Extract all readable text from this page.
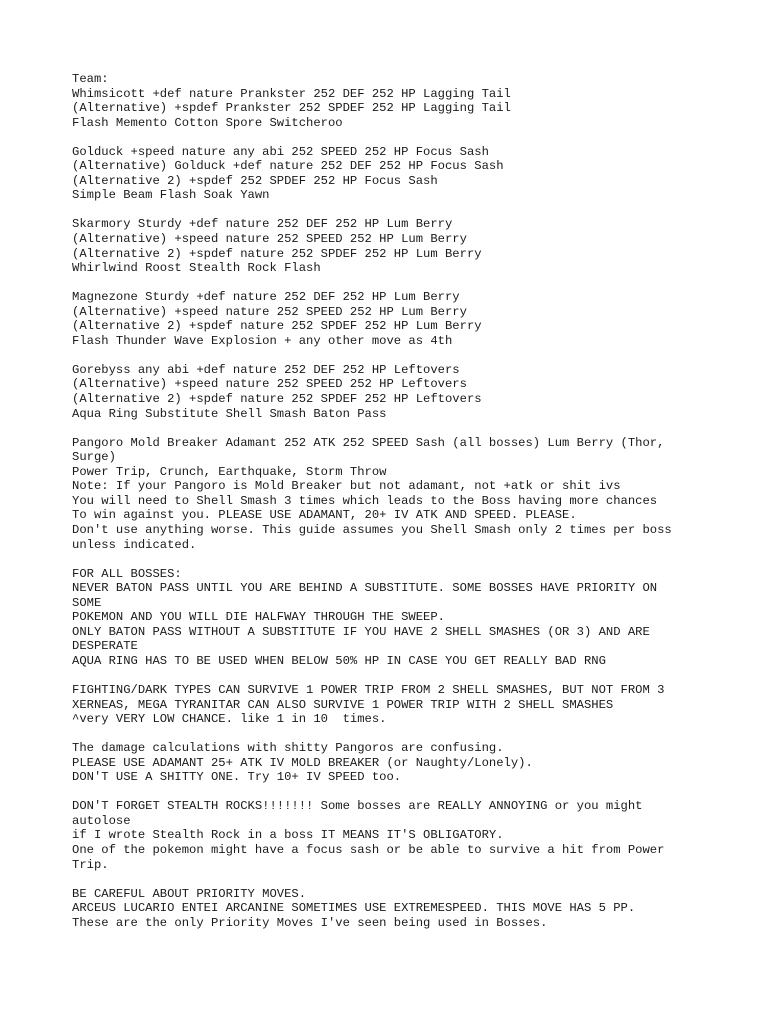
Team:
Whimsicott +def nature Prankster 252 DEF 252 HP Lagging Tail
(Alternative) +spdef Prankster 252 SPDEF 252 HP Lagging Tail
Flash Memento Cotton Spore Switcheroo
Golduck +speed nature any abi 252 SPEED 252 HP Focus Sash
(Alternative) Golduck +def nature 252 DEF 252 HP Focus Sash
(Alternative 2) +spdef 252 SPDEF 252 HP Focus Sash
Simple Beam Flash Soak Yawn
Skarmory Sturdy +def nature 252 DEF 252 HP Lum Berry
(Alternative) +speed nature 252 SPEED 252 HP Lum Berry
(Alternative 2) +spdef nature 252 SPDEF 252 HP Lum Berry
Whirlwind Roost Stealth Rock Flash
Magnezone Sturdy +def nature 252 DEF 252 HP Lum Berry
(Alternative) +speed nature 252 SPEED 252 HP Lum Berry
(Alternative 2) +spdef nature 252 SPDEF 252 HP Lum Berry
Flash Thunder Wave Explosion + any other move as 4th
Gorebyss any abi +def nature 252 DEF 252 HP Leftovers
(Alternative) +speed nature 252 SPEED 252 HP Leftovers
(Alternative 2) +spdef nature 252 SPDEF 252 HP Leftovers
Aqua Ring Substitute Shell Smash Baton Pass
Pangoro Mold Breaker Adamant 252 ATK 252 SPEED Sash (all bosses) Lum Berry (Thor,
Surge)
Power Trip, Crunch, Earthquake, Storm Throw
Note: If your Pangoro is Mold Breaker but not adamant, not +atk or shit ivs
You will need to Shell Smash 3 times which leads to the Boss having more chances
To win against you. PLEASE USE ADAMANT, 20+ IV ATK AND SPEED. PLEASE.
Don't use anything worse. This guide assumes you Shell Smash only 2 times per boss
unless indicated.
FOR ALL BOSSES:
NEVER BATON PASS UNTIL YOU ARE BEHIND A SUBSTITUTE. SOME BOSSES HAVE PRIORITY ON
SOME
POKEMON AND YOU WILL DIE HALFWAY THROUGH THE SWEEP.
ONLY BATON PASS WITHOUT A SUBSTITUTE IF YOU HAVE 2 SHELL SMASHES (OR 3) AND ARE
DESPERATE
AQUA RING HAS TO BE USED WHEN BELOW 50% HP IN CASE YOU GET REALLY BAD RNG
FIGHTING/DARK TYPES CAN SURVIVE 1 POWER TRIP FROM 2 SHELL SMASHES, BUT NOT FROM 3
XERNEAS, MEGA TYRANITAR CAN ALSO SURVIVE 1 POWER TRIP WITH 2 SHELL SMASHES
^very VERY LOW CHANCE. like 1 in 10  times.
The damage calculations with shitty Pangoros are confusing.
PLEASE USE ADAMANT 25+ ATK IV MOLD BREAKER (or Naughty/Lonely).
DON'T USE A SHITTY ONE. Try 10+ IV SPEED too.
DON'T FORGET STEALTH ROCKS!!!!!!! Some bosses are REALLY ANNOYING or you might
autolose
if I wrote Stealth Rock in a boss IT MEANS IT'S OBLIGATORY.
One of the pokemon might have a focus sash or be able to survive a hit from Power
Trip.
BE CAREFUL ABOUT PRIORITY MOVES.
ARCEUS LUCARIO ENTEI ARCANINE SOMETIMES USE EXTREMESPEED. THIS MOVE HAS 5 PP.
These are the only Priority Moves I've seen being used in Bosses.
